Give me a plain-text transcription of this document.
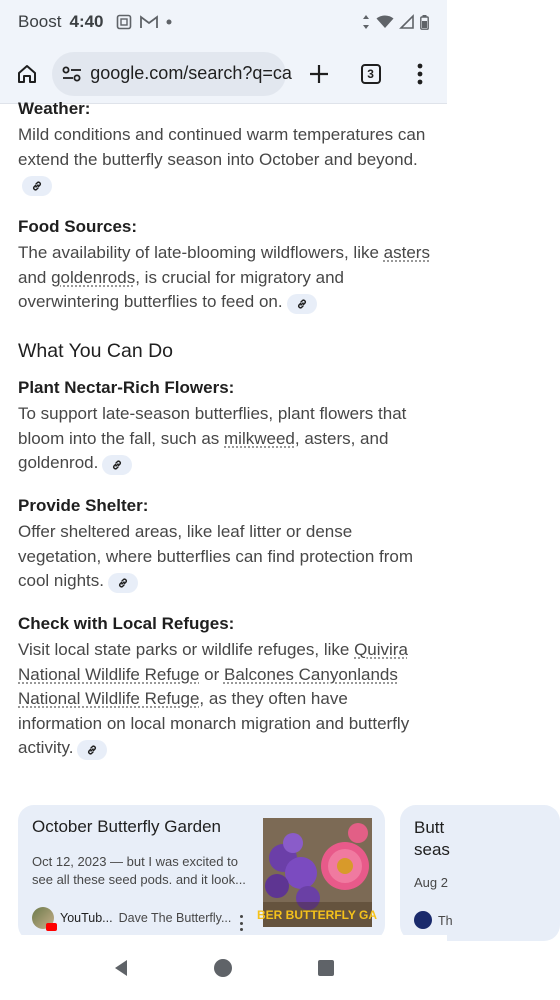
Boost 4:40
google.com/search?q=ca	3
Weather:
Mild conditions and continued warm temperatures can extend the butterfly season into October and beyond.
Food Sources:
The availability of late-blooming wildflowers, like asters and goldenrods, is crucial for migratory and overwintering butterflies to feed on.
What You Can Do
Plant Nectar-Rich Flowers:
To support late-season butterflies, plant flowers that bloom into the fall, such as milkweed, asters, and goldenrod.
Provide Shelter:
Offer sheltered areas, like leaf litter or dense vegetation, where butterflies can find protection from cool nights.
Check with Local Refuges:
Visit local state parks or wildlife refuges, like Quivira National Wildlife Refuge or Balcones Canyonlands National Wildlife Refuge, as they often have information on local monarch migration and butterfly activity.
October Butterfly Garden
Oct 12, 2023 — but I was excited to see all these seed pods. and it look...
YouTub... Dave The Butterfly... BER BUTTERFLY GA
Butt
seas
Aug 2
Th
